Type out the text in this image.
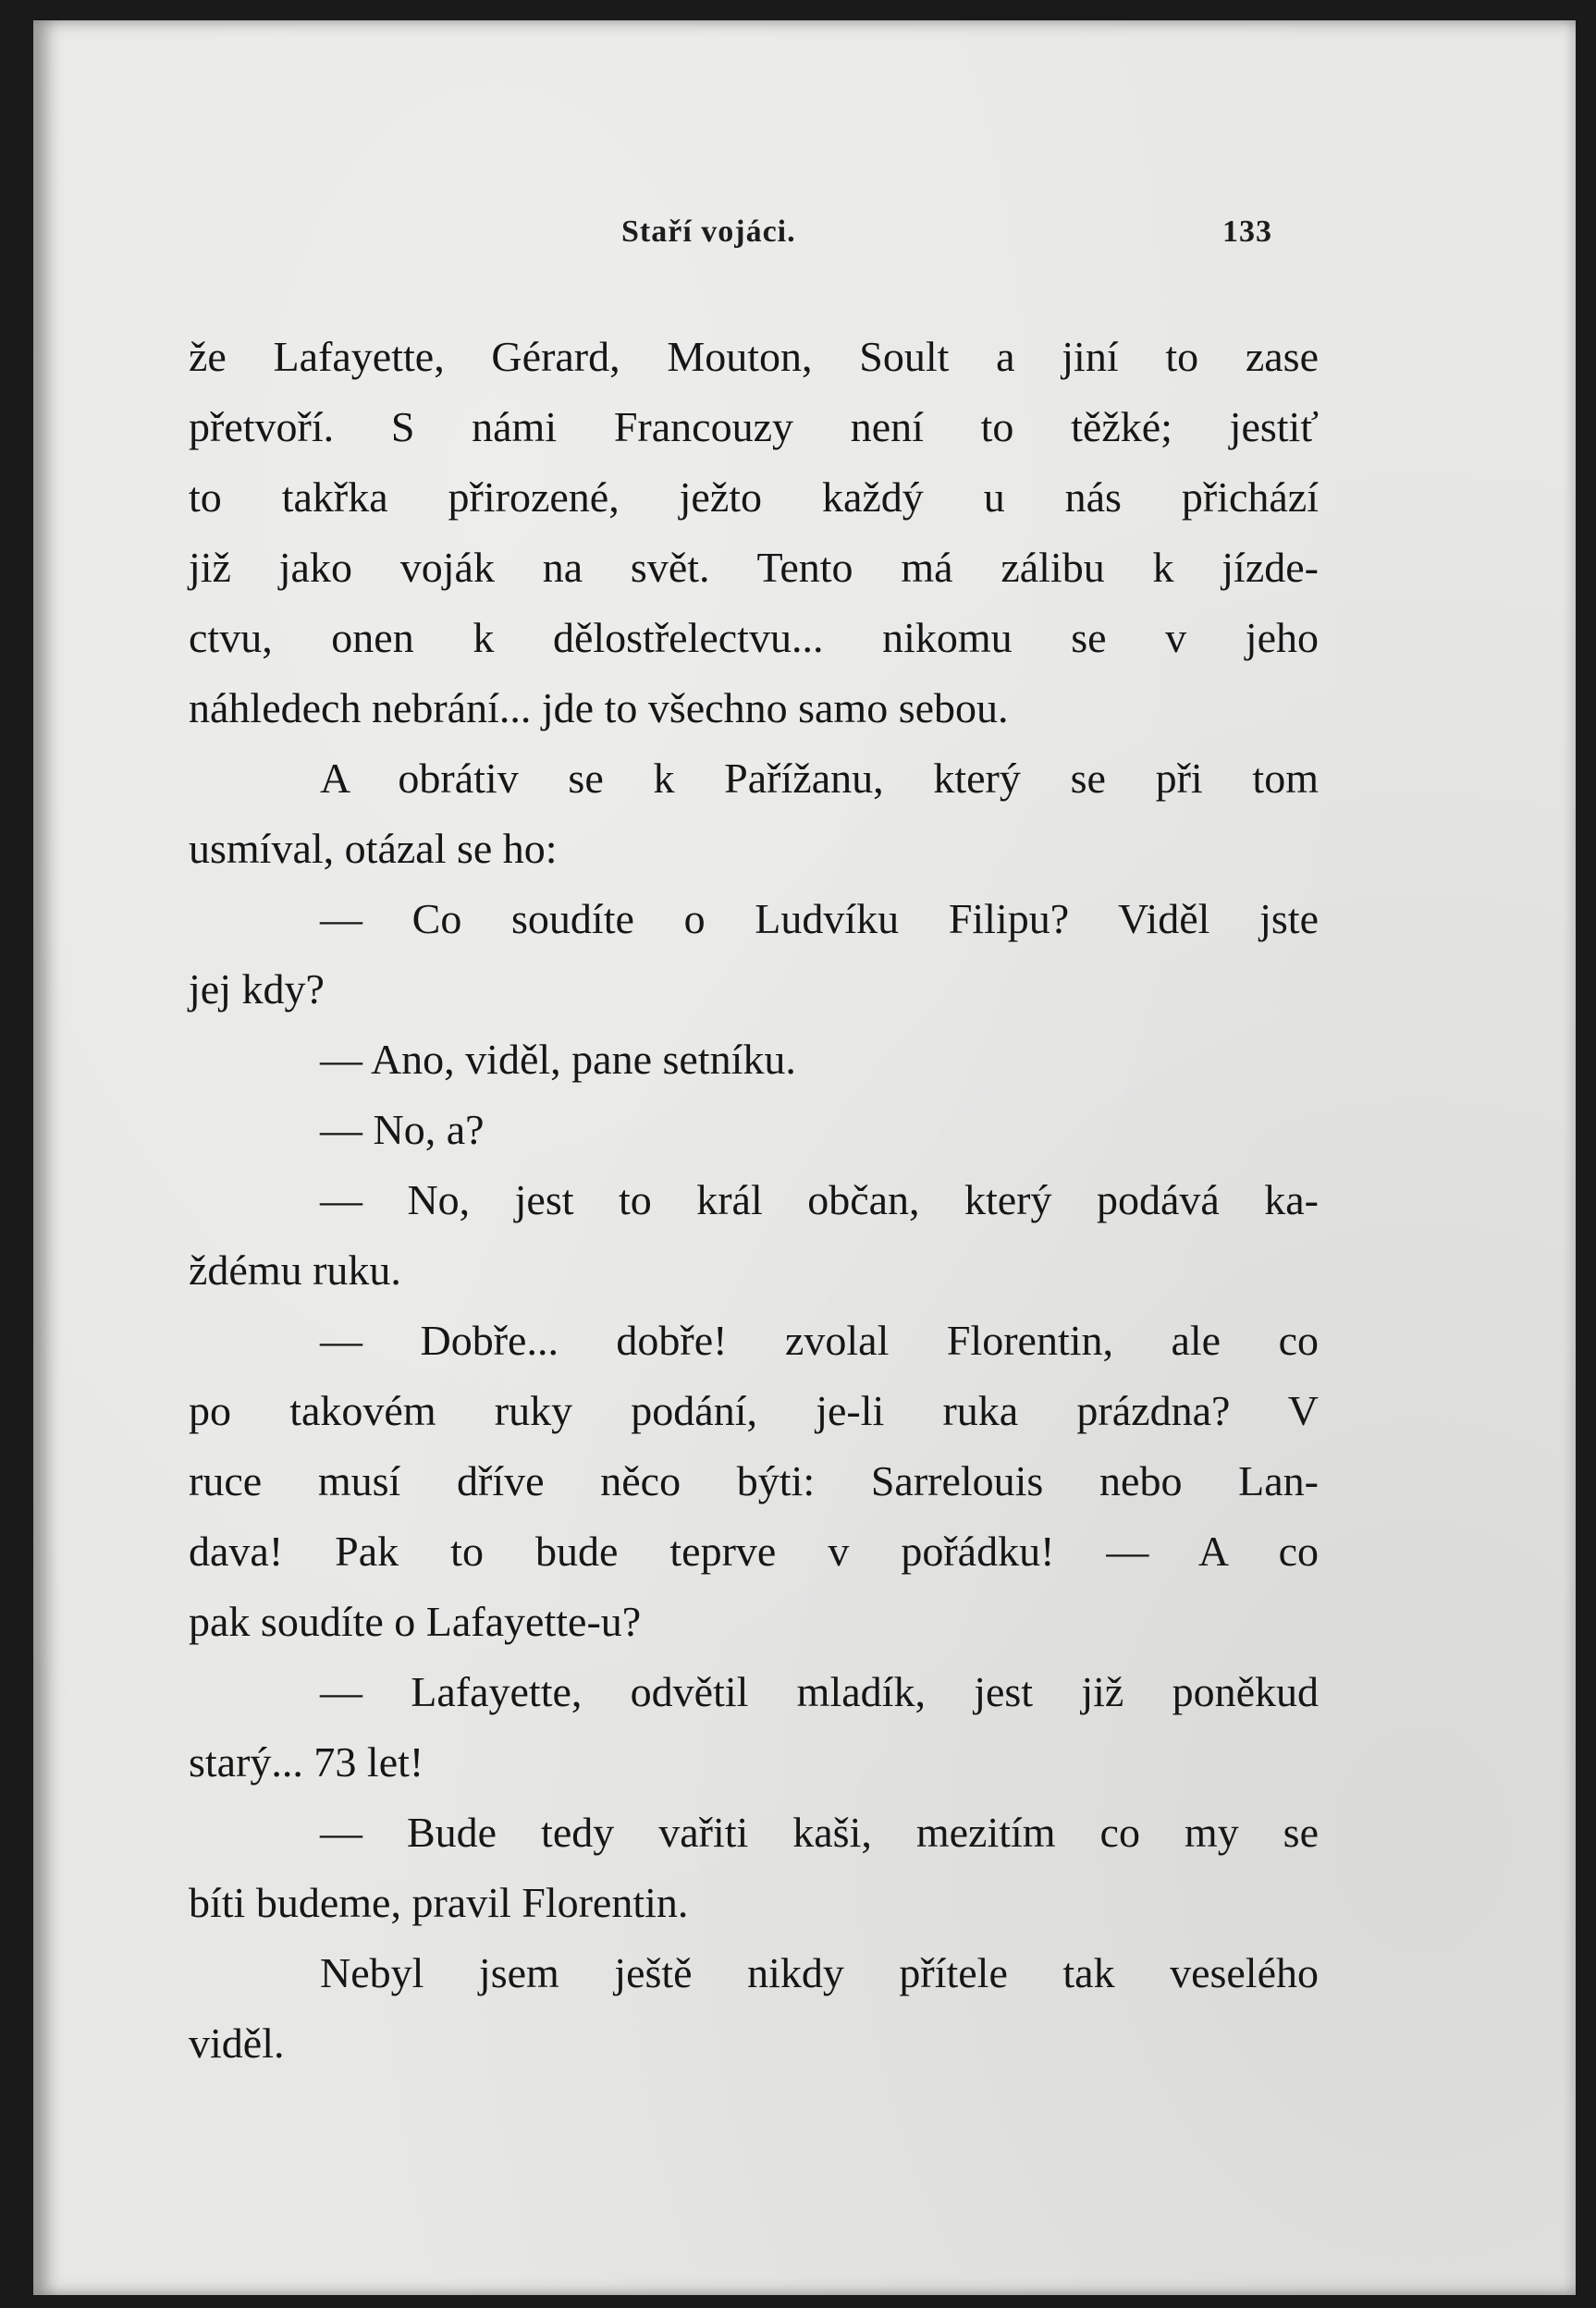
Staří vojáci.	133
že Lafayette, Gérard, Mouton, Soult a jiní to zase
přetvoří. S námi Francouzy není to těžké; jestiť
to takřka přirozené, ježto každý u nás přichází
již jako voják na svět. Tento má zálibu k jízde-
ctvu, onen k dělostřelectvu... nikomu se v jeho
náhledech nebrání... jde to všechno samo sebou.
A obrátiv se k Pařížanu, který se při tom
usmíval, otázal se ho:
— Co soudíte o Ludvíku Filipu? Viděl jste
jej kdy?
— Ano, viděl, pane setníku.
— No, a?
— No, jest to král občan, který podává ka-
ždému ruku.
— Dobře... dobře! zvolal Florentin, ale co
po takovém ruky podání, je-li ruka prázdna? V
ruce musí dříve něco býti: Sarrelouis nebo Lan-
dava! Pak to bude teprve v pořádku! — A co
pak soudíte o Lafayette-u?
— Lafayette, odvětil mladík, jest již poněkud
starý... 73 let!
— Bude tedy vařiti kaši, mezitím co my se
bíti budeme, pravil Florentin.
Nebyl jsem ještě nikdy přítele tak veselého
viděl.
